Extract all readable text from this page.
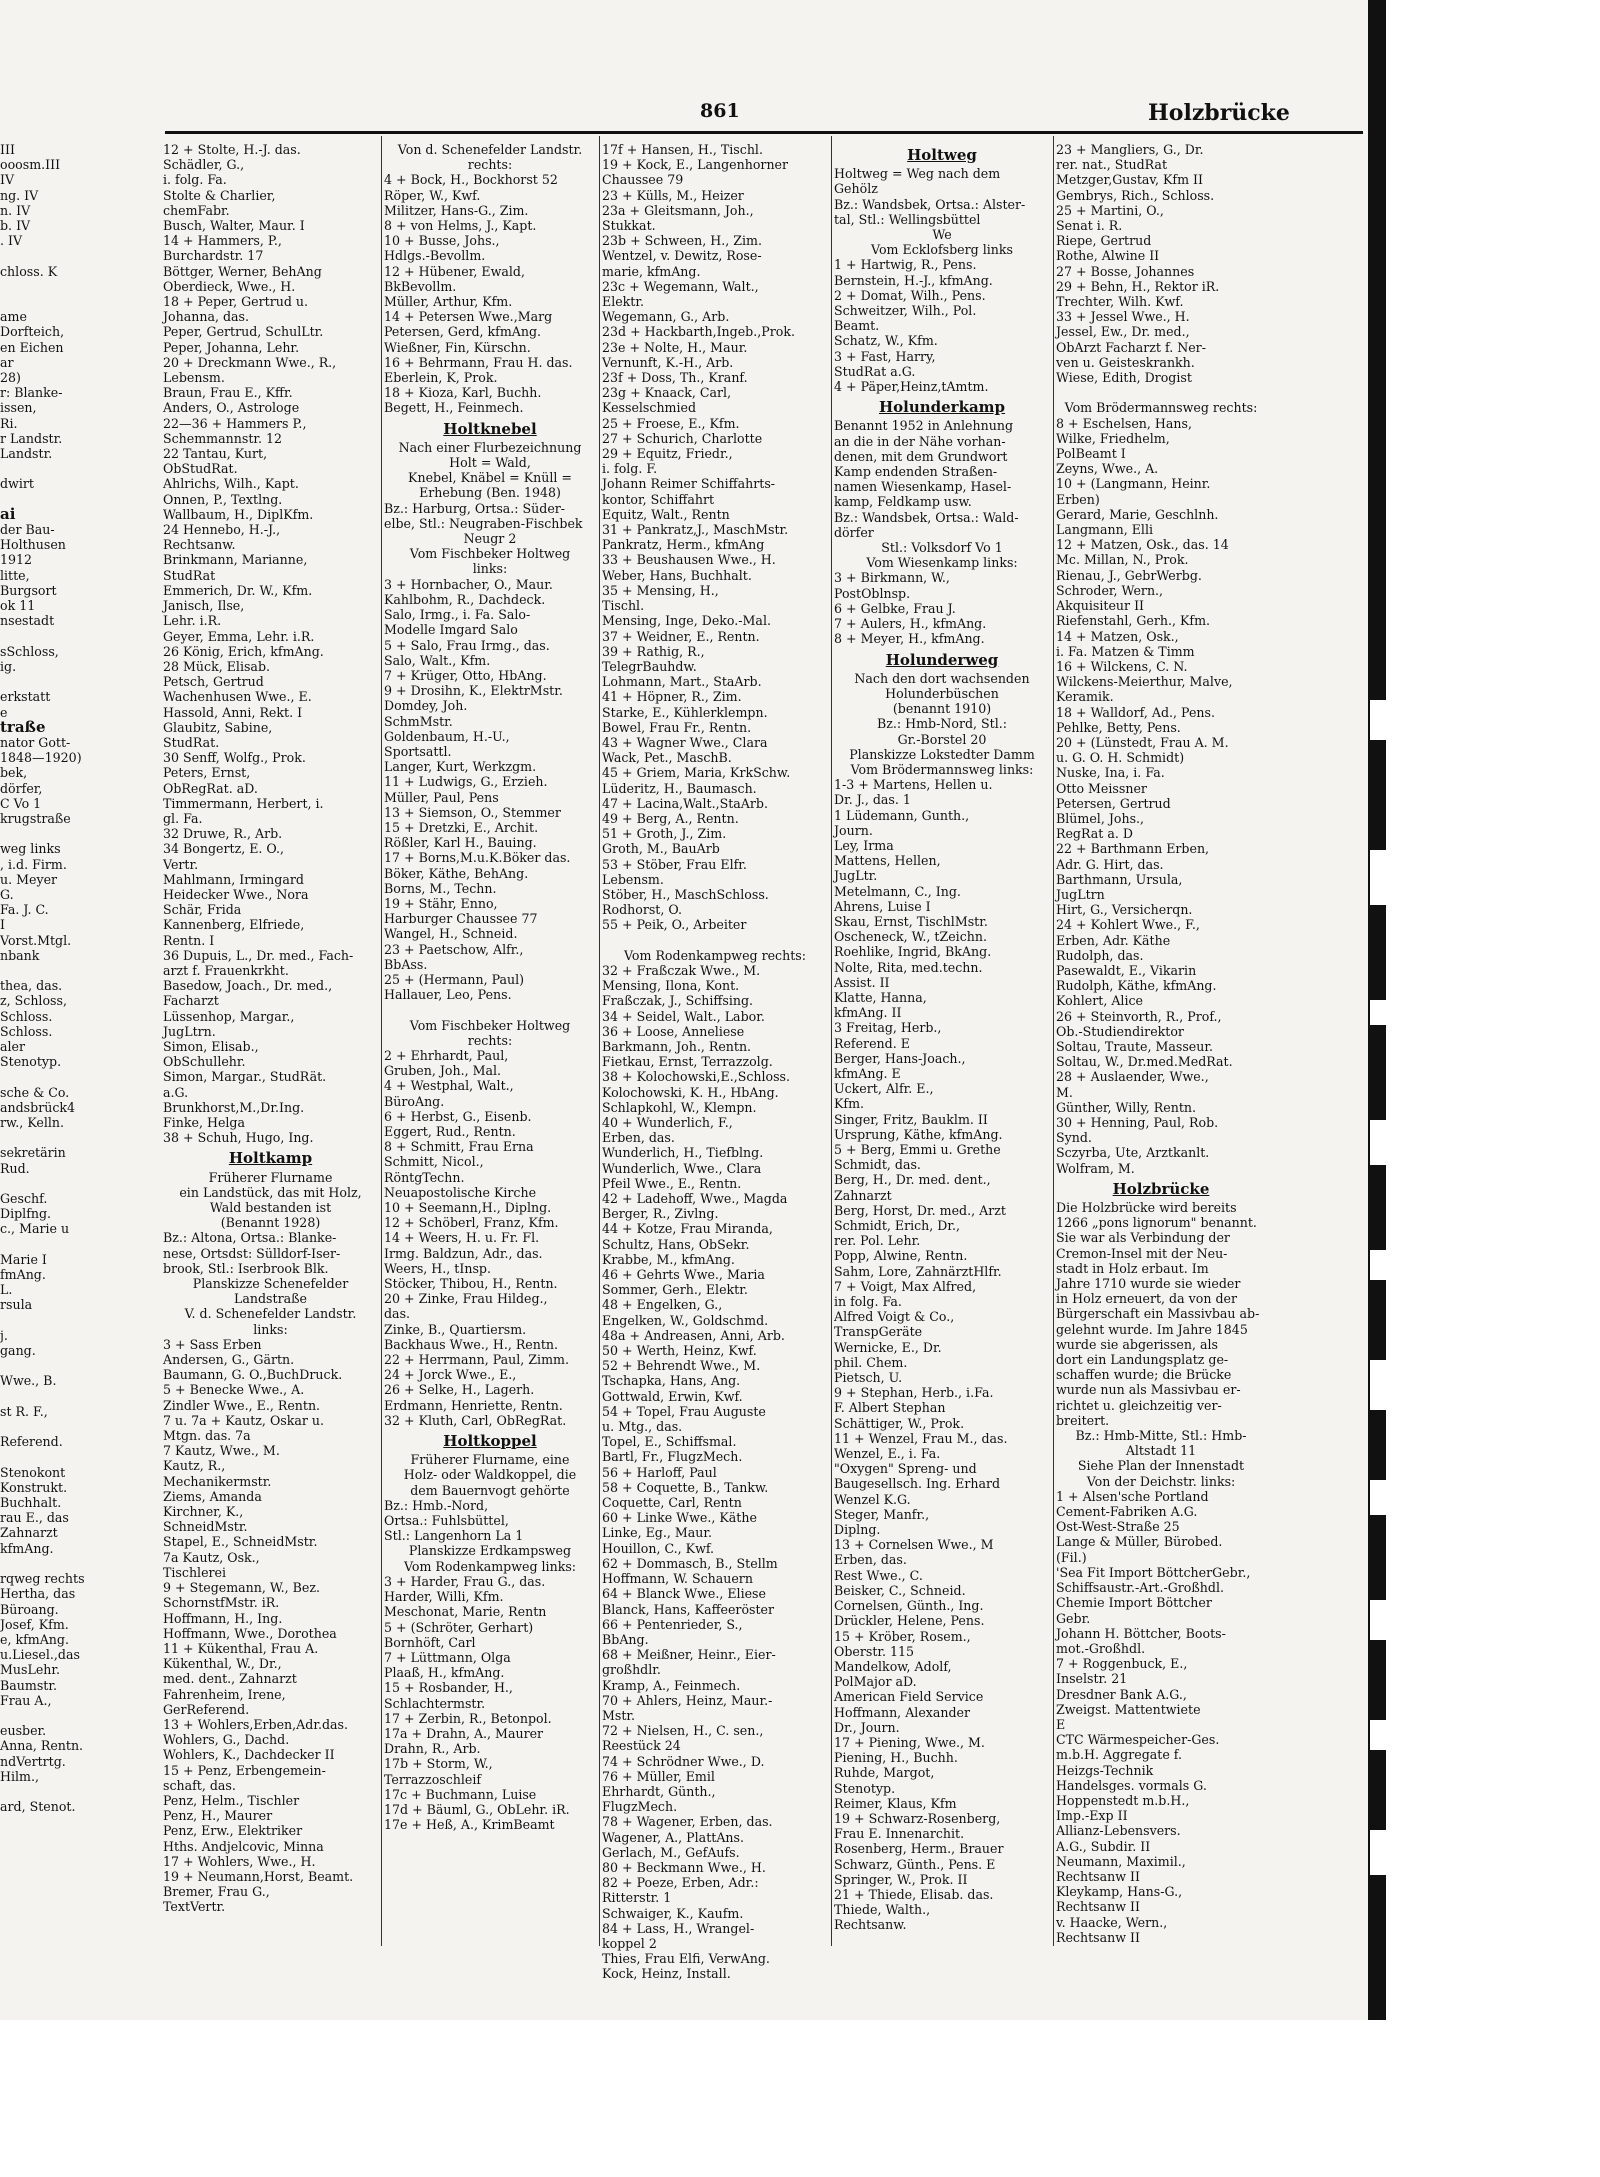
861	Holzbrücke
III
ooosm.III
IV
ng. IV
n. IV
b. IV
. IV

chloss. K

ame
Dorfteich,
en Eichen
ar
28)
r: Blanke-
issen,
Ri.
r Landstr.
Landstr.

dwirt

ai
der Bau-
Holthusen
1912
litte,
Burgsort
ok 11
nsestadt

sSchloss,
ig.

erkstatt
e
traße
nator Gott-
1848—1920)
bek,
dörfer,
C Vo 1
krugstraße

weg links
, i.d. Firm.
u. Meyer
G.
Fa. J. C.
I
Vorst.Mtgl.
nbank

thea, das.
z, Schloss,
Schloss.
Schloss.
aler
Stenotyp.

sche & Co.
andsbrück4
rw., Kelln.

sekretärin
Rud.

Geschf.
Diplfng.
c., Marie u

Marie I
fmAng.
L.
rsula

j.
gang.

Wwe., B.

st R. F.,

Referend.

Stenokont
Konstrukt.
Buchhalt.
rau E., das
Zahnarzt
kfmAng.

rqweg rechts
Hertha, das
Büroang.
Josef, Kfm.
e, kfmAng.
u.Liesel.,das
MusLehr.
Baumstr.
Frau A.,

eusber.
Anna, Rentn.
ndVertrtg.
Hilm.,

ard, Stenot.
12 + Stolte, H.-J. das.
Schädler, G.,
i. folg. Fa.
Stolte & Charlier,
chemFabr.
Busch, Walter, Maur. I
14 + Hammers, P.,
Burchardstr. 17
Böttger, Werner, BehAng
Oberdieck, Wwe., H.
18 + Peper, Gertrud u.
Johanna, das.
Peper, Gertrud, SchulLtr.
Peper, Johanna, Lehr.
20 + Dreckmann Wwe., R.,
Lebensm.
Braun, Frau E., Kffr.
Anders, O., Astrologe
22—36 + Hammers P.,
Schemmannstr. 12
22 Tantau, Kurt,
ObStudRat.
Ahlrichs, Wilh., Kapt.
Onnen, P., Textlng.
Wallbaum, H., DiplKfm.
24 Hennebo, H.-J.,
Rechtsanw.
Brinkmann, Marianne,
StudRat
Emmerich, Dr. W., Kfm.
Janisch, Ilse,
Lehr. i.R.
Geyer, Emma, Lehr. i.R.
26 König, Erich, kfmAng.
28 Mück, Elisab.
Petsch, Gertrud
Wachenhusen Wwe., E.
Hassold, Anni, Rekt. I
Glaubitz, Sabine,
StudRat.
30 Senff, Wolfg., Prok.
Peters, Ernst,
ObRegRat. aD.
Timmermann, Herbert, i.
gl. Fa.
32 Druwe, R., Arb.
34 Bongertz, E. O.,
Vertr.
Mahlmann, Irmingard
Heidecker Wwe., Nora
Schär, Frida
Kannenberg, Elfriede,
Rentn. I
36 Dupuis, L., Dr. med., Fach-
arzt f. Frauenkrkht.
Basedow, Joach., Dr. med.,
Facharzt
Lüssenhop, Margar.,
JugLtrn.
Simon, Elisab.,
ObSchullehr.
Simon, Margar., StudRät.
a.G.
Brunkhorst,M.,Dr.Ing.
Finke, Helga
38 + Schuh, Hugo, Ing.
Holtkamp
Früherer Flurname
ein Landstück, das mit Holz,
Wald bestanden ist
(Benannt 1928)
Bz.: Altona, Ortsa.: Blanke-
nese, Ortsdst: Sülldorf-Iser-
brook, Stl.: Iserbrook Blk.
Planskizze Schenefelder
Landstraße
V. d. Schenefelder Landstr.
links:
3 + Sass Erben
Andersen, G., Gärtn.
Baumann, G. O.,BuchDruck.
5 + Benecke Wwe., A.
Zindler Wwe., E., Rentn.
7 u. 7a + Kautz, Oskar u.
Mtgn. das. 7a
7 Kautz, Wwe., M.
Kautz, R.,
Mechanikermstr.
Ziems, Amanda
Kirchner, K.,
SchneidMstr.
Stapel, E., SchneidMstr.
7a Kautz, Osk.,
Tischlerei
9 + Stegemann, W., Bez.
SchornstfMstr. iR.
Hoffmann, H., Ing.
Hoffmann, Wwe., Dorothea
11 + Kükenthal, Frau A.
Kükenthal, W., Dr.,
med. dent., Zahnarzt
Fahrenheim, Irene,
GerReferend.
13 + Wohlers,Erben,Adr.das.
Wohlers, G., Dachd.
Wohlers, K., Dachdecker II
15 + Penz, Erbengemein-
schaft, das.
Penz, Helm., Tischler
Penz, H., Maurer
Penz, Erw., Elektriker
Hths. Andjelcovic, Minna
17 + Wohlers, Wwe., H.
19 + Neumann,Horst, Beamt.
Bremer, Frau G.,
TextVertr.
Von d. Schenefelder Landstr.
rechts:
4 + Bock, H., Bockhorst 52
Röper, W., Kwf.
Militzer, Hans-G., Zim.
8 + von Helms, J., Kapt.
10 + Busse, Johs.,
Hdlgs.-Bevollm.
12 + Hübener, Ewald,
BkBevollm.
Müller, Arthur, Kfm.
14 + Petersen Wwe.,Marg
Petersen, Gerd, kfmAng.
Wießner, Fin, Kürschn.
16 + Behrmann, Frau H. das.
Eberlein, K, Prok.
18 + Kioza, Karl, Buchh.
Begett, H., Feinmech.
Holtknebel
Nach einer Flurbezeichnung
Holt = Wald,
Knebel, Knäbel = Knüll =
Erhebung (Ben. 1948)
Bz.: Harburg, Ortsa.: Süder-
elbe, Stl.: Neugraben-Fischbek
Neugr 2
Vom Fischbeker Holtweg
links:
3 + Hornbacher, O., Maur.
Kahlbohm, R., Dachdeck.
Salo, Irmg., i. Fa. Salo-
Modelle Imgard Salo
5 + Salo, Frau Irmg., das.
Salo, Walt., Kfm.
7 + Krüger, Otto, HbAng.
9 + Drosihn, K., ElektrMstr.
Domdey, Joh.
SchmMstr.
Goldenbaum, H.-U.,
Sportsattl.
Langer, Kurt, Werkzgm.
11 + Ludwigs, G., Erzieh.
Müller, Paul, Pens
13 + Siemson, O., Stemmer
15 + Dretzki, E., Archit.
Rößler, Karl H., Bauing.
17 + Borns,M.u.K.Böker das.
Böker, Käthe, BehAng.
Borns, M., Techn.
19 + Stähr, Enno,
Harburger Chaussee 77
Wangel, H., Schneid.
23 + Paetschow, Alfr.,
BbAss.
25 + (Hermann, Paul)
Hallauer, Leo, Pens.

Vom Fischbeker Holtweg
rechts:
2 + Ehrhardt, Paul,
Gruben, Joh., Mal.
4 + Westphal, Walt.,
BüroAng.
6 + Herbst, G., Eisenb.
Eggert, Rud., Rentn.
8 + Schmitt, Frau Erna
Schmitt, Nicol.,
RöntgTechn.
Neuapostolische Kirche
10 + Seemann,H., Diplng.
12 + Schöberl, Franz, Kfm.
14 + Weers, H. u. Fr. Fl.
Irmg. Baldzun, Adr., das.
Weers, H., tInsp.
Stöcker, Thibou, H., Rentn.
20 + Zinke, Frau Hildeg.,
das.
Zinke, B., Quartiersm.
Backhaus Wwe., H., Rentn.
22 + Herrmann, Paul, Zimm.
24 + Jorck Wwe., E.,
26 + Selke, H., Lagerh.
Erdmann, Henriette, Rentn.
32 + Kluth, Carl, ObRegRat.
Holtkoppel
Früherer Flurname, eine
Holz- oder Waldkoppel, die
dem Bauernvogt gehörte
Bz.: Hmb.-Nord,
Ortsa.: Fuhlsbüttel,
Stl.: Langenhorn La 1
Planskizze Erdkampsweg
Vom Rodenkampweg links:
3 + Harder, Frau G., das.
Harder, Willi, Kfm.
Meschonat, Marie, Rentn
5 + (Schröter, Gerhart)
Bornhöft, Carl
7 + Lüttmann, Olga
Plaaß, H., kfmAng.
15 + Rosbander, H.,
Schlachtermstr.
17 + Zerbin, R., Betonpol.
17a + Drahn, A., Maurer
Drahn, R., Arb.
17b + Storm, W.,
Terrazzoschleif
17c + Buchmann, Luise
17d + Bäuml, G., ObLehr. iR.
17e + Heß, A., KrimBeamt
17f + Hansen, H., Tischl.
19 + Kock, E., Langenhorner
Chaussee 79
23 + Külls, M., Heizer
23a + Gleitsmann, Joh.,
Stukkat.
23b + Schween, H., Zim.
Wentzel, v. Dewitz, Rose-
marie, kfmAng.
23c + Wegemann, Walt.,
Elektr.
Wegemann, G., Arb.
23d + Hackbarth,Ingeb.,Prok.
23e + Nolte, H., Maur.
Vernunft, K.-H., Arb.
23f + Doss, Th., Kranf.
23g + Knaack, Carl,
Kesselschmied
25 + Froese, E., Kfm.
27 + Schurich, Charlotte
29 + Equitz, Friedr.,
i. folg. F.
Johann Reimer Schiffahrts-
kontor, Schiffahrt
Equitz, Walt., Rentn
31 + Pankratz,J., MaschMstr.
Pankratz, Herm., kfmAng
33 + Beushausen Wwe., H.
Weber, Hans, Buchhalt.
35 + Mensing, H.,
Tischl.
Mensing, Inge, Deko.-Mal.
37 + Weidner, E., Rentn.
39 + Rathig, R.,
TelegrBauhdw.
Lohmann, Mart., StaArb.
41 + Höpner, R., Zim.
Starke, E., Kühlerklempn.
Bowel, Frau Fr., Rentn.
43 + Wagner Wwe., Clara
Wack, Pet., MaschB.
45 + Griem, Maria, KrkSchw.
Lüderitz, H., Baumasch.
47 + Lacina,Walt.,StaArb.
49 + Berg, A., Rentn.
51 + Groth, J., Zim.
Groth, M., BauArb
53 + Stöber, Frau Elfr.
Lebensm.
Stöber, H., MaschSchloss.
Rodhorst, O.
55 + Peik, O., Arbeiter

Vom Rodenkampweg rechts:
32 + Fraßczak Wwe., M.
Mensing, Ilona, Kont.
Fraßczak, J., Schiffsing.
34 + Seidel, Walt., Labor.
36 + Loose, Anneliese
Barkmann, Joh., Rentn.
Fietkau, Ernst, Terrazzolg.
38 + Kolochowski,E.,Schloss.
Kolochowski, K. H., HbAng.
Schlapkohl, W., Klempn.
40 + Wunderlich, F.,
Erben, das.
Wunderlich, H., Tiefblng.
Wunderlich, Wwe., Clara
Pfeil Wwe., E., Rentn.
42 + Ladehoff, Wwe., Magda
Berger, R., Zivlng.
44 + Kotze, Frau Miranda,
Schultz, Hans, ObSekr.
Krabbe, M., kfmAng.
46 + Gehrts Wwe., Maria
Sommer, Gerh., Elektr.
48 + Engelken, G.,
Engelken, W., Goldschmd.
48a + Andreasen, Anni, Arb.
50 + Werth, Heinz, Kwf.
52 + Behrendt Wwe., M.
Tschapka, Hans, Ang.
Gottwald, Erwin, Kwf.
54 + Topel, Frau Auguste
u. Mtg., das.
Topel, E., Schiffsmal.
Bartl, Fr., FlugzMech.
56 + Harloff, Paul
58 + Coquette, B., Tankw.
Coquette, Carl, Rentn
60 + Linke Wwe., Käthe
Linke, Eg., Maur.
Houillon, C., Kwf.
62 + Dommasch, B., Stellm
Hoffmann, W. Schauern
64 + Blanck Wwe., Eliese
Blanck, Hans, Kaffeeröster
66 + Pentenrieder, S.,
BbAng.
68 + Meißner, Heinr., Eier-
großhdlr.
Kramp, A., Feinmech.
70 + Ahlers, Heinz, Maur.-
Mstr.
72 + Nielsen, H., C. sen.,
Reestück 24
74 + Schrödner Wwe., D.
76 + Müller, Emil
Ehrhardt, Günth.,
FlugzMech.
78 + Wagener, Erben, das.
Wagener, A., PlattAns.
Gerlach, M., GefAufs.
80 + Beckmann Wwe., H.
82 + Poeze, Erben, Adr.:
Ritterstr. 1
Schwaiger, K., Kaufm.
84 + Lass, H., Wrangel-
koppel 2
Thies, Frau Elfi, VerwAng.
Kock, Heinz, Install.
Holtweg
Holtweg = Weg nach dem
Gehölz
Bz.: Wandsbek, Ortsa.: Alster-
tal, Stl.: Wellingsbüttel
We
Vom Ecklofsberg links
1 + Hartwig, R., Pens.
Bernstein, H.-J., kfmAng.
2 + Domat, Wilh., Pens.
Schweitzer, Wilh., Pol.
Beamt.
Schatz, W., Kfm.
3 + Fast, Harry,
StudRat a.G.
4 + Päper,Heinz,tAmtm.
Holunderkamp
Benannt 1952 in Anlehnung
an die in der Nähe vorhan-
denen, mit dem Grundwort
Kamp endenden Straßen-
namen Wiesenkamp, Hasel-
kamp, Feldkamp usw.
Bz.: Wandsbek, Ortsa.: Wald-
dörfer
Stl.: Volksdorf Vo 1
Vom Wiesenkamp links:
3 + Birkmann, W.,
PostOblnsp.
6 + Gelbke, Frau J.
7 + Aulers, H., kfmAng.
8 + Meyer, H., kfmAng.
Holunderweg
Nach den dort wachsenden
Holunderbüschen
(benannt 1910)
Bz.: Hmb-Nord, Stl.:
Gr.-Borstel 20
Planskizze Lokstedter Damm
Vom Brödermannsweg links:
1-3 + Martens, Hellen u.
Dr. J., das. 1
1 Lüdemann, Gunth.,
Journ.
Ley, Irma
Mattens, Hellen,
JugLtr.
Metelmann, C., Ing.
Ahrens, Luise I
Skau, Ernst, TischlMstr.
Oscheneck, W., tZeichn.
Roehlike, Ingrid, BkAng.
Nolte, Rita, med.techn.
Assist. II
Klatte, Hanna,
kfmAng. II
3 Freitag, Herb.,
Referend. E
Berger, Hans-Joach.,
kfmAng. E
Uckert, Alfr. E.,
Kfm.
Singer, Fritz, Bauklm. II
Ursprung, Käthe, kfmAng.
5 + Berg, Emmi u. Grethe
Schmidt, das.
Berg, H., Dr. med. dent.,
Zahnarzt
Berg, Horst, Dr. med., Arzt
Schmidt, Erich, Dr.,
rer. Pol. Lehr.
Popp, Alwine, Rentn.
Sahm, Lore, ZahnärztHlfr.
7 + Voigt, Max Alfred,
in folg. Fa.
Alfred Voigt & Co.,
TranspGeräte
Wernicke, E., Dr.
phil. Chem.
Pietsch, U.
9 + Stephan, Herb., i.Fa.
F. Albert Stephan
Schättiger, W., Prok.
11 + Wenzel, Frau M., das.
Wenzel, E., i. Fa.
"Oxygen" Spreng- und
Baugesellsch. Ing. Erhard
Wenzel K.G.
Steger, Manfr.,
Diplng.
13 + Cornelsen Wwe., M
Erben, das.
Rest Wwe., C.
Beisker, C., Schneid.
Cornelsen, Günth., Ing.
Drückler, Helene, Pens.
15 + Kröber, Rosem.,
Oberstr. 115
Mandelkow, Adolf,
PolMajor aD.
American Field Service
Hoffmann, Alexander
Dr., Journ.
17 + Piening, Wwe., M.
Piening, H., Buchh.
Ruhde, Margot,
Stenotyp.
Reimer, Klaus, Kfm
19 + Schwarz-Rosenberg,
Frau E. Innenarchit.
Rosenberg, Herm., Brauer
Schwarz, Günth., Pens. E
Springer, W., Prok. II
21 + Thiede, Elisab. das.
Thiede, Walth.,
Rechtsanw.
23 + Mangliers, G., Dr.
rer. nat., StudRat
Metzger,Gustav, Kfm II
Gembrys, Rich., Schloss.
25 + Martini, O.,
Senat i. R.
Riepe, Gertrud
Rothe, Alwine II
27 + Bosse, Johannes
29 + Behn, H., Rektor iR.
Trechter, Wilh. Kwf.
33 + Jessel Wwe., H.
Jessel, Ew., Dr. med.,
ObArzt Facharzt f. Ner-
ven u. Geisteskrankh.
Wiese, Edith, Drogist

Vom Brödermannsweg rechts:
8 + Eschelsen, Hans,
Wilke, Friedhelm,
PolBeamt I
Zeyns, Wwe., A.
10 + (Langmann, Heinr.
Erben)
Gerard, Marie, Geschlnh.
Langmann, Elli
12 + Matzen, Osk., das. 14
Mc. Millan, N., Prok.
Rienau, J., GebrWerbg.
Schroder, Wern.,
Akquisiteur II
Riefenstahl, Gerh., Kfm.
14 + Matzen, Osk.,
i. Fa. Matzen & Timm
16 + Wilckens, C. N.
Wilckens-Meierthur, Malve,
Keramik.
18 + Walldorf, Ad., Pens.
Pehlke, Betty, Pens.
20 + (Lünstedt, Frau A. M.
u. G. O. H. Schmidt)
Nuske, Ina, i. Fa.
Otto Meissner
Petersen, Gertrud
Blümel, Johs.,
RegRat a. D
22 + Barthmann Erben,
Adr. G. Hirt, das.
Barthmann, Ursula,
JugLtrn
Hirt, G., Versicherqn.
24 + Kohlert Wwe., F.,
Erben, Adr. Käthe
Rudolph, das.
Pasewaldt, E., Vikarin
Rudolph, Käthe, kfmAng.
Kohlert, Alice
26 + Steinvorth, R., Prof.,
Ob.-Studiendirektor
Soltau, Traute, Masseur.
Soltau, W., Dr.med.MedRat.
28 + Auslaender, Wwe.,
M.
Günther, Willy, Rentn.
30 + Henning, Paul, Rob.
Synd.
Sczyrba, Ute, Arztkanlt.
Wolfram, M.
Holzbrücke
Die Holzbrücke wird bereits
1266 „pons lignorum" benannt.
Sie war als Verbindung der
Cremon-Insel mit der Neu-
stadt in Holz erbaut. Im
Jahre 1710 wurde sie wieder
in Holz erneuert, da von der
Bürgerschaft ein Massivbau ab-
gelehnt wurde. Im Jahre 1845
wurde sie abgerissen, als
dort ein Landungsplatz ge-
schaffen wurde; die Brücke
wurde nun als Massivbau er-
richtet u. gleichzeitig ver-
breitert.
Bz.: Hmb-Mitte, Stl.: Hmb-
Altstadt 11
Siehe Plan der Innenstadt
Von der Deichstr. links:
1 + Alsen'sche Portland
Cement-Fabriken A.G.
Ost-West-Straße 25
Lange & Müller, Bürobed.
(Fil.)
'Sea Fit Import BöttcherGebr.,
Schiffsaustr.-Art.-Großhdl.
Chemie Import Böttcher
Gebr.
Johann H. Böttcher, Boots-
mot.-Großhdl.
7 + Roggenbuck, E.,
Inselstr. 21
Dresdner Bank A.G.,
Zweigst. Mattentwiete
E
CTC Wärmespeicher-Ges.
m.b.H. Aggregate f.
Heizgs-Technik
Handelsges. vormals G.
Hoppenstedt m.b.H.,
Imp.-Exp II
Allianz-Lebensvers.
A.G., Subdir. II
Neumann, Maximil.,
Rechtsanw II
Kleykamp, Hans-G.,
Rechtsanw II
v. Haacke, Wern.,
Rechtsanw II
